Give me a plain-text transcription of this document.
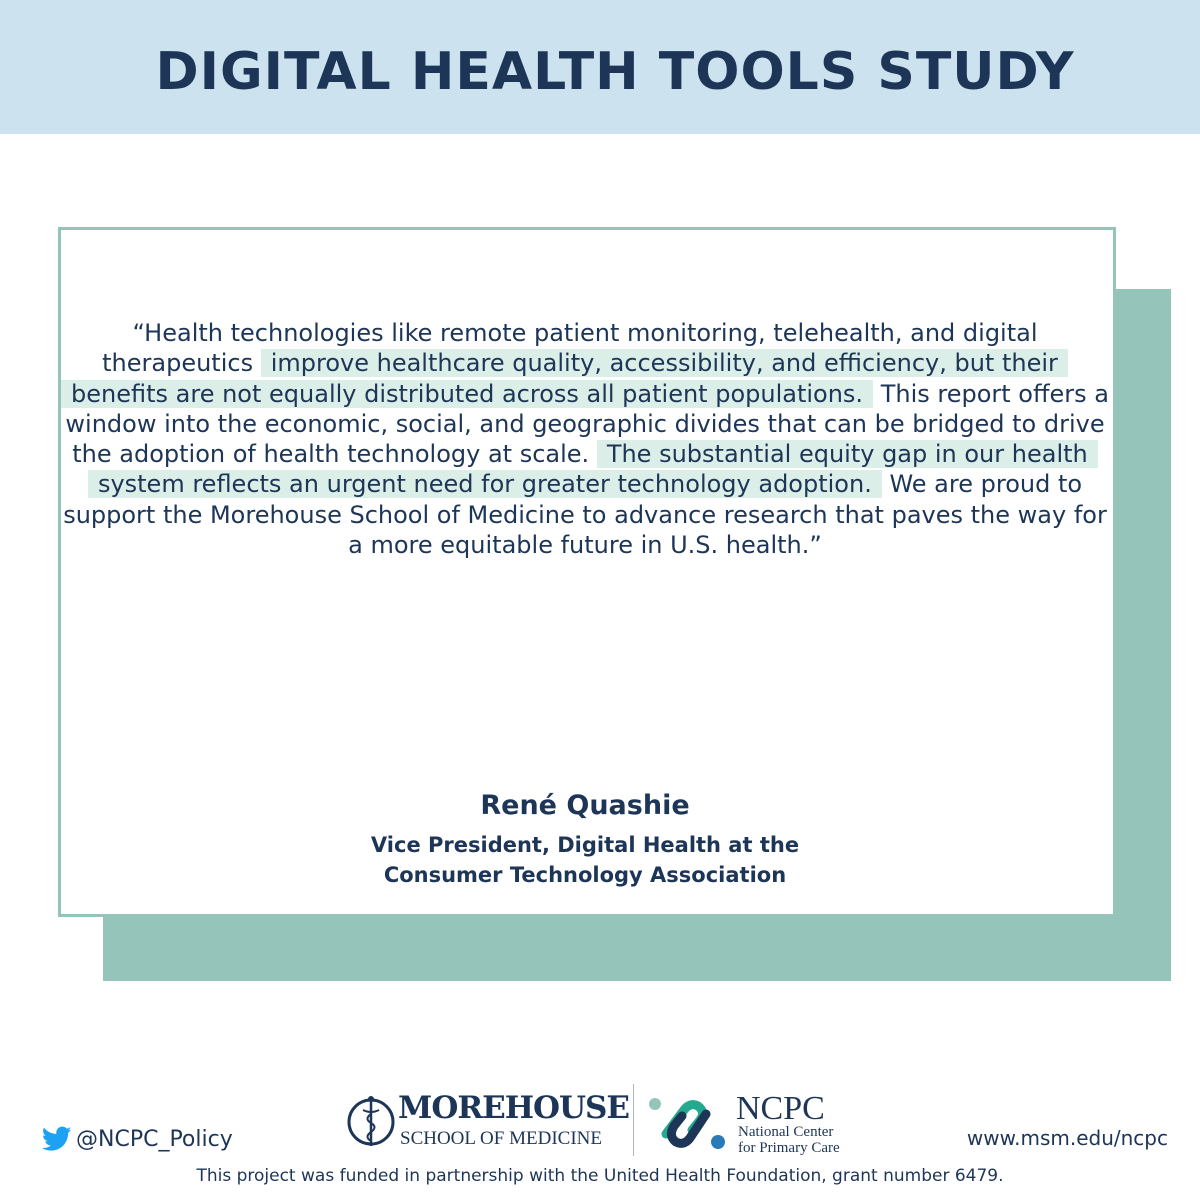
DIGITAL HEALTH TOOLS STUDY
“Health technologies like remote patient monitoring, telehealth, and digital therapeutics improve healthcare quality, accessibility, and efficiency, but their benefits are not equally distributed across all patient populations. This report offers a window into the economic, social, and geographic divides that can be bridged to drive the adoption of health technology at scale. The substantial equity gap in our health system reflects an urgent need for greater technology adoption. We are proud to support the Morehouse School of Medicine to advance research that paves the way for a more equitable future in U.S. health.”
René Quashie
Vice President, Digital Health at the
Consumer Technology Association
@NCPC_Policy
MOREHOUSE
SCHOOL OF MEDICINE
NCPC
National Center
for Primary Care	www.msm.edu/ncpc
This project was funded in partnership with the United Health Foundation, grant number 6479.
